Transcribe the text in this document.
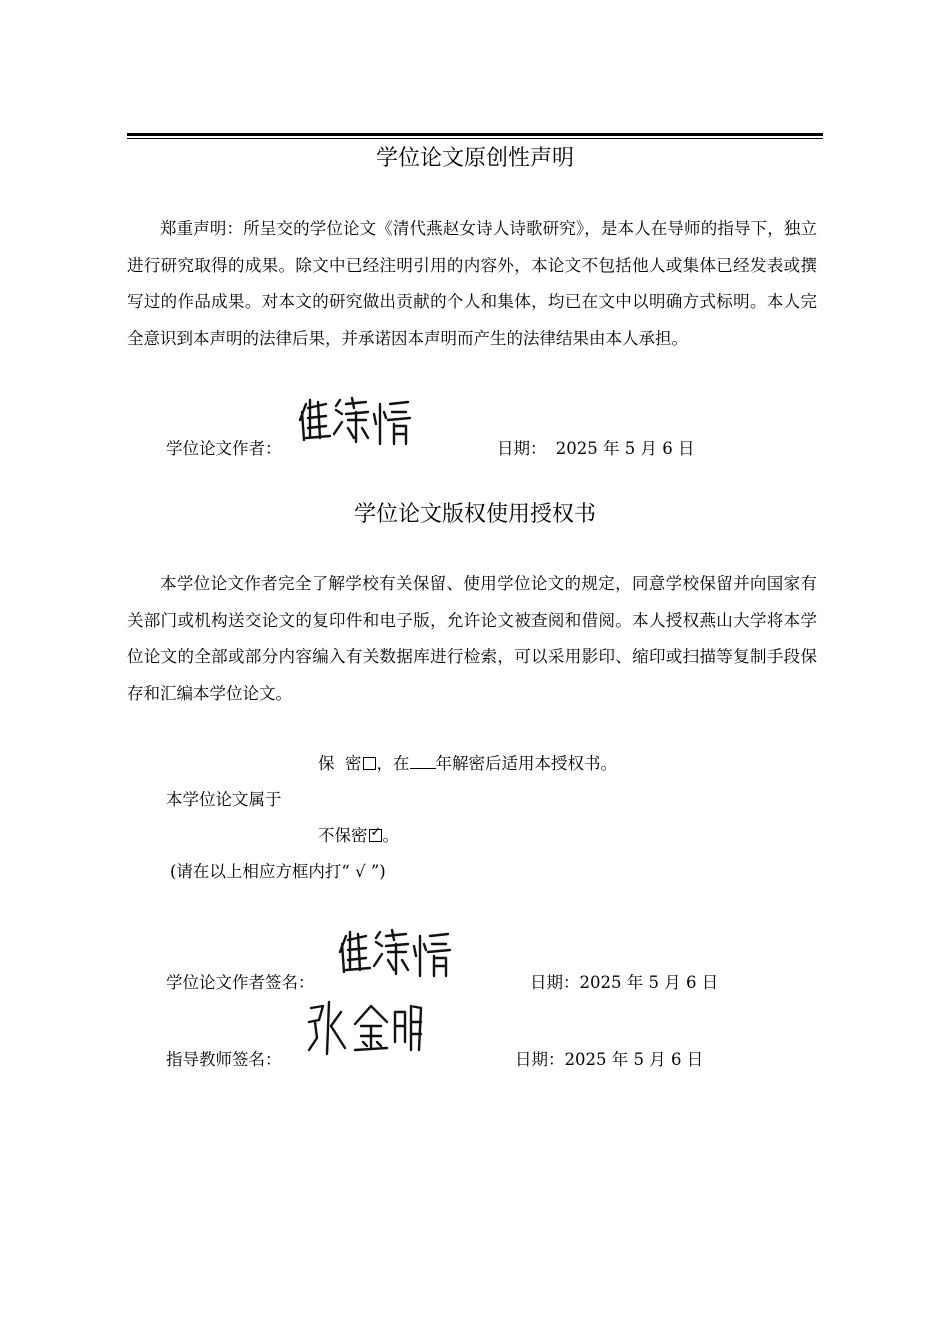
学位论文原创性声明

郑重声明：所呈交的学位论文《清代燕赵女诗人诗歌研究》，是本人在导师的指导下，独立进行研究取得的成果。除文中已经注明引用的内容外，本论文不包括他人或集体已经发表或撰写过的作品成果。对本文的研究做出贡献的个人和集体，均已在文中以明确方式标明。本人完全意识到本声明的法律后果，并承诺因本声明而产生的法律结果由本人承担。

学位论文作者：	日期： 2025 年 5 月 6 日
学位论文版权使用授权书

本学位论文作者完全了解学校有关保留、使用学位论文的规定，同意学校保留并向国家有关部门或机构送交论文的复印件和电子版，允许论文被查阅和借阅。本人授权燕山大学将本学位论文的全部或部分内容编入有关数据库进行检索，可以采用影印、缩印或扫描等复制手段保存和汇编本学位论文。

保  密 ，在 年解密后适用本授权书。
本学位论文属于
不保密 ✓ 。
(请在以上相应方框内打“ √ ”)
学位论文作者签名：	日期：2025 年 5 月 6 日
指导教师签名：	日期：2025 年 5 月 6 日
